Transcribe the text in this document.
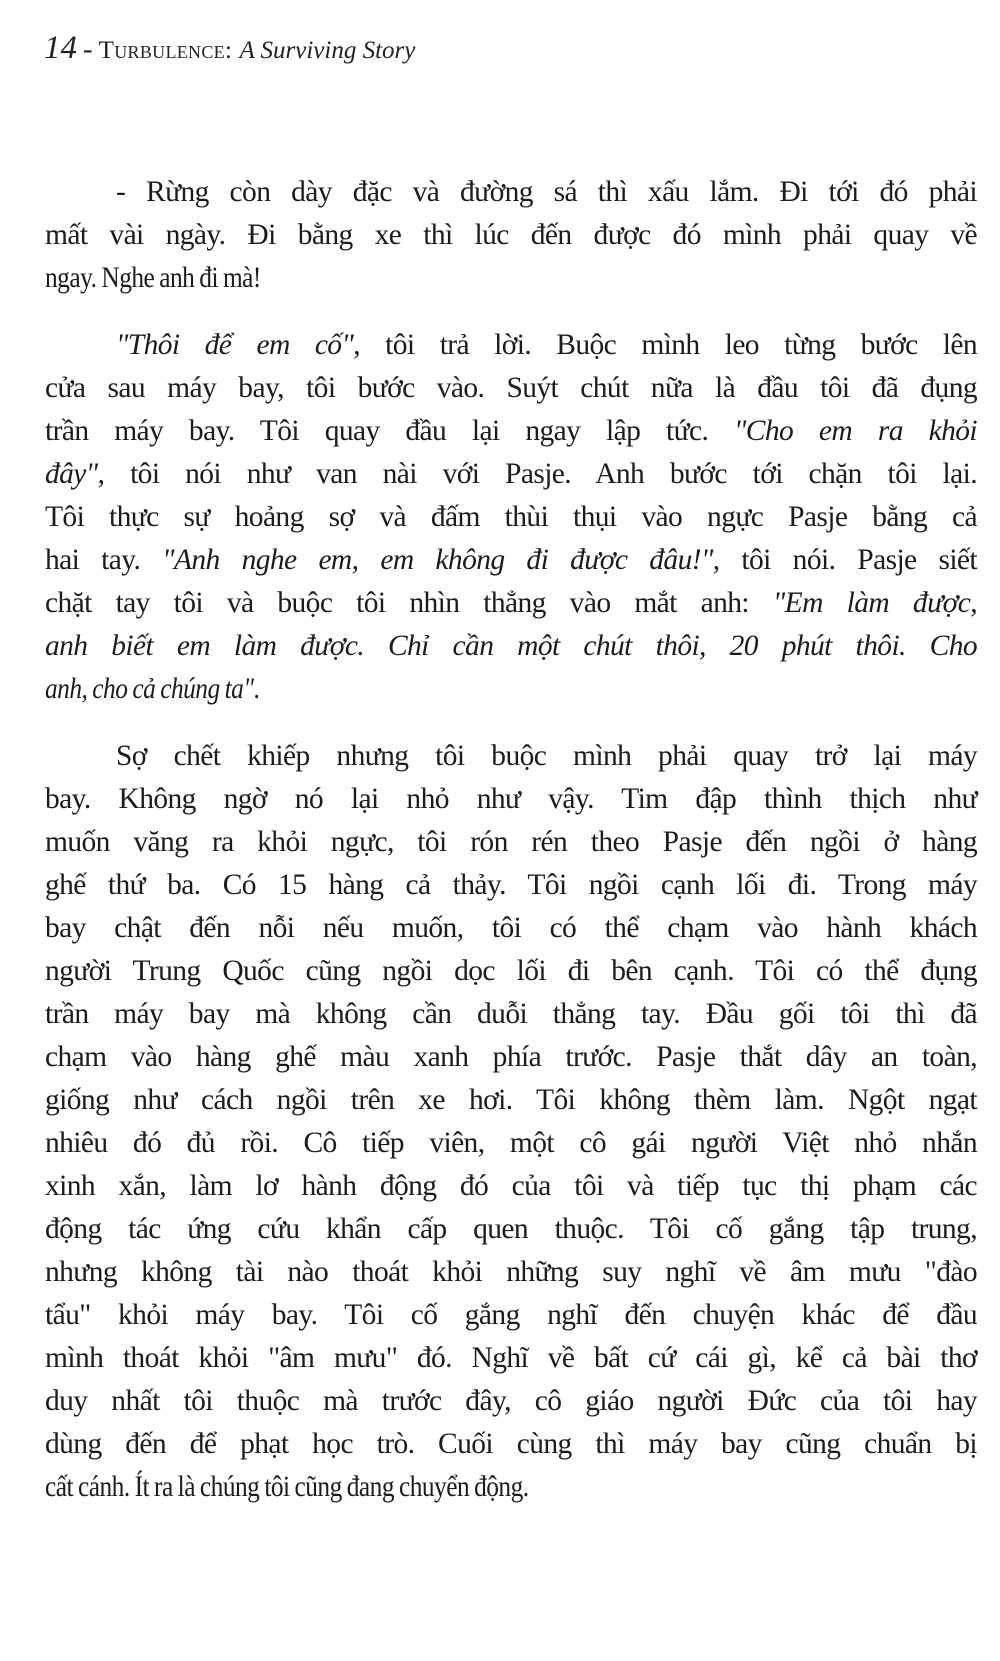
14 - Turbulence: A Surviving Story
- Rừng còn dày đặc và đường sá thì xấu lắm. Đi tới đó phải
mất vài ngày. Đi bằng xe thì lúc đến được đó mình phải quay về
ngay. Nghe anh đi mà!
"Thôi để em cố", tôi trả lời. Buộc mình leo từng bước lên
cửa sau máy bay, tôi bước vào. Suýt chút nữa là đầu tôi đã đụng
trần máy bay. Tôi quay đầu lại ngay lập tức. "Cho em ra khỏi
đây", tôi nói như van nài với Pasje. Anh bước tới chặn tôi lại.
Tôi thực sự hoảng sợ và đấm thùi thụi vào ngực Pasje bằng cả
hai tay. "Anh nghe em, em không đi được đâu!", tôi nói. Pasje siết
chặt tay tôi và buộc tôi nhìn thẳng vào mắt anh: "Em làm được,
anh biết em làm được. Chỉ cần một chút thôi, 20 phút thôi. Cho
anh, cho cả chúng ta".
Sợ chết khiếp nhưng tôi buộc mình phải quay trở lại máy
bay. Không ngờ nó lại nhỏ như vậy. Tim đập thình thịch như
muốn văng ra khỏi ngực, tôi rón rén theo Pasje đến ngồi ở hàng
ghế thứ ba. Có 15 hàng cả thảy. Tôi ngồi cạnh lối đi. Trong máy
bay chật đến nỗi nếu muốn, tôi có thể chạm vào hành khách
người Trung Quốc cũng ngồi dọc lối đi bên cạnh. Tôi có thể đụng
trần máy bay mà không cần duỗi thẳng tay. Đầu gối tôi thì đã
chạm vào hàng ghế màu xanh phía trước. Pasje thắt dây an toàn,
giống như cách ngồi trên xe hơi. Tôi không thèm làm. Ngột ngạt
nhiêu đó đủ rồi. Cô tiếp viên, một cô gái người Việt nhỏ nhắn
xinh xắn, làm lơ hành động đó của tôi và tiếp tục thị phạm các
động tác ứng cứu khẩn cấp quen thuộc. Tôi cố gắng tập trung,
nhưng không tài nào thoát khỏi những suy nghĩ về âm mưu "đào
tẩu" khỏi máy bay. Tôi cố gắng nghĩ đến chuyện khác để đầu
mình thoát khỏi "âm mưu" đó. Nghĩ về bất cứ cái gì, kể cả bài thơ
duy nhất tôi thuộc mà trước đây, cô giáo người Đức của tôi hay
dùng đến để phạt học trò. Cuối cùng thì máy bay cũng chuẩn bị
cất cánh. Ít ra là chúng tôi cũng đang chuyển động.
